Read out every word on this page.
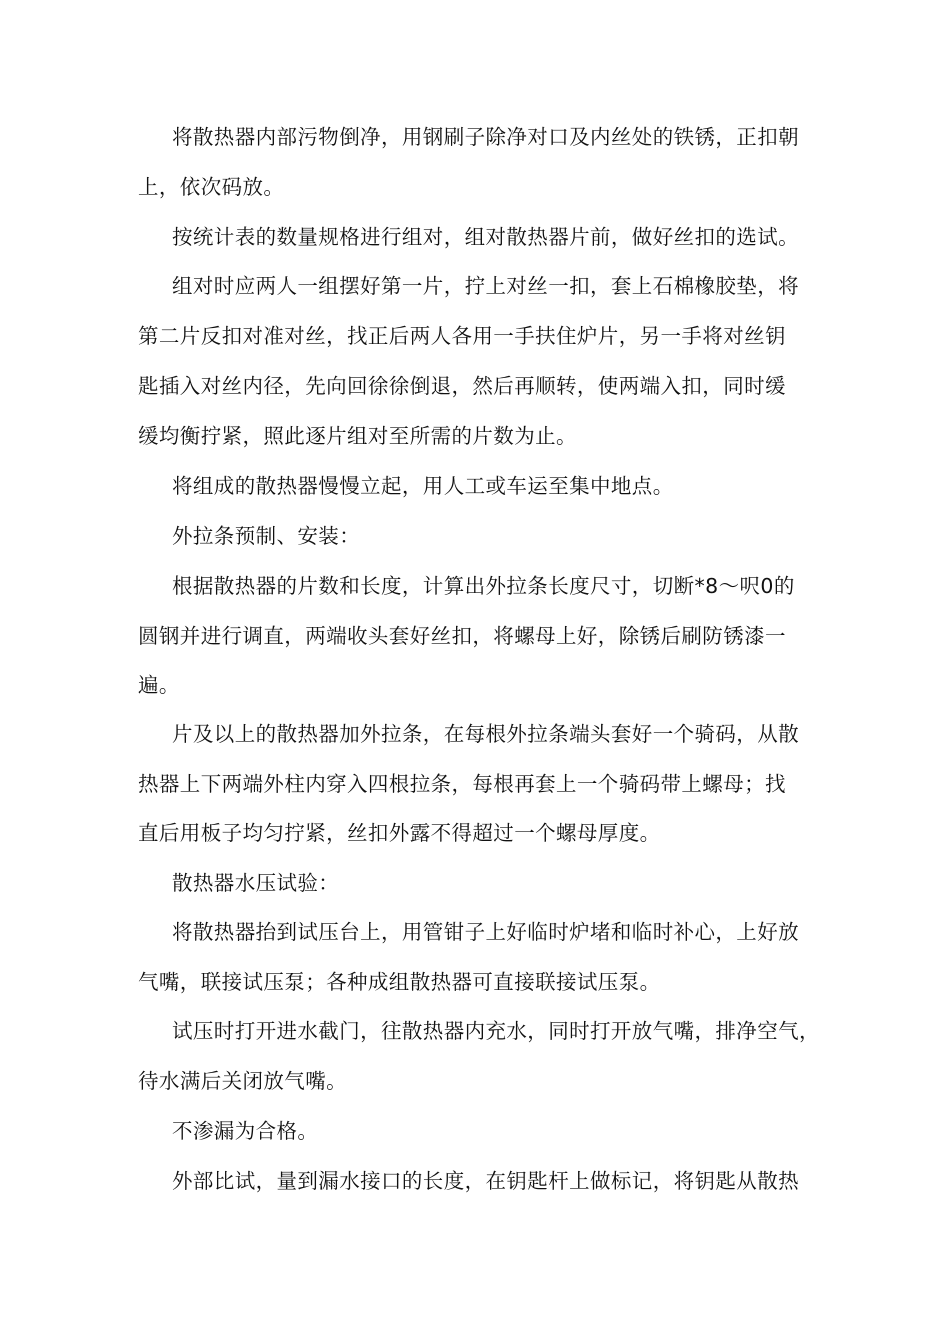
将散热器内部污物倒净，用钢刷子除净对口及内丝处的铁锈，正扣朝
上，依次码放。
按统计表的数量规格进行组对，组对散热器片前，做好丝扣的选试。
组对时应两人一组摆好第一片，拧上对丝一扣，套上石棉橡胶垫，将
第二片反扣对准对丝，找正后两人各用一手扶住炉片，另一手将对丝钥
匙插入对丝内径，先向回徐徐倒退，然后再顺转，使两端入扣，同时缓
缓均衡拧紧，照此逐片组对至所需的片数为止。
将组成的散热器慢慢立起，用人工或车运至集中地点。
外拉条预制、安装：
根据散热器的片数和长度，计算出外拉条长度尺寸，切断*8〜呎0的
圆钢并进行调直，两端收头套好丝扣，将螺母上好，除锈后刷防锈漆一
遍。
片及以上的散热器加外拉条，在每根外拉条端头套好一个骑码，从散
热器上下两端外柱内穿入四根拉条，每根再套上一个骑码带上螺母；找
直后用板子均匀拧紧，丝扣外露不得超过一个螺母厚度。
散热器水压试验：
将散热器抬到试压台上，用管钳子上好临时炉堵和临时补心，上好放
气嘴，联接试压泵；各种成组散热器可直接联接试压泵。
试压时打开进水截门，往散热器内充水，同时打开放气嘴，排净空气，
待水满后关闭放气嘴。
不渗漏为合格。
外部比试，量到漏水接口的长度，在钥匙杆上做标记，将钥匙从散热
